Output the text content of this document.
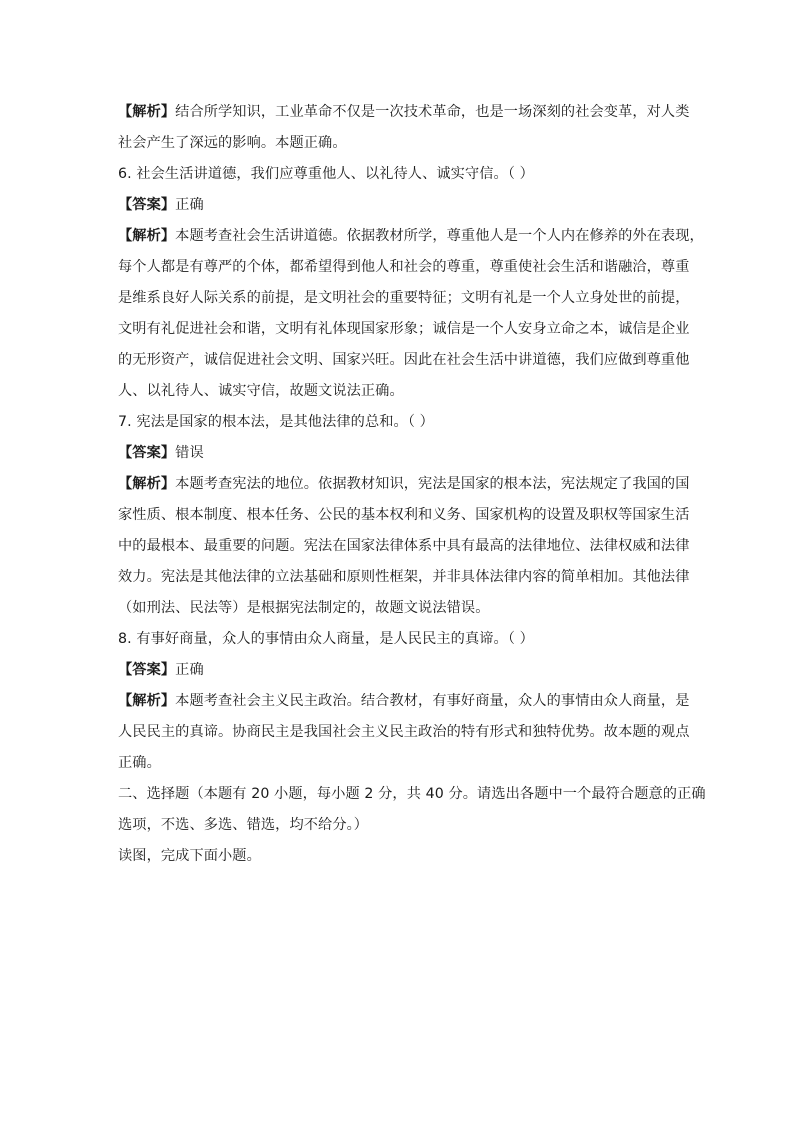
【解析】结合所学知识，工业革命不仅是一次技术革命，也是一场深刻的社会变革，对人类
社会产生了深远的影响。本题正确。
6. 社会生活讲道德，我们应尊重他人、以礼待人、诚实守信。（ ）
【答案】正确
【解析】本题考查社会生活讲道德。依据教材所学，尊重他人是一个人内在修养的外在表现，
每个人都是有尊严的个体，都希望得到他人和社会的尊重，尊重使社会生活和谐融洽，尊重
是维系良好人际关系的前提，是文明社会的重要特征；文明有礼是一个人立身处世的前提，
文明有礼促进社会和谐，文明有礼体现国家形象；诚信是一个人安身立命之本，诚信是企业
的无形资产，诚信促进社会文明、国家兴旺。因此在社会生活中讲道德，我们应做到尊重他
人、以礼待人、诚实守信，故题文说法正确。
7. 宪法是国家的根本法，是其他法律的总和。（ ）
【答案】错误
【解析】本题考查宪法的地位。依据教材知识，宪法是国家的根本法，宪法规定了我国的国
家性质、根本制度、根本任务、公民的基本权利和义务、国家机构的设置及职权等国家生活
中的最根本、最重要的问题。宪法在国家法律体系中具有最高的法律地位、法律权威和法律
效力。宪法是其他法律的立法基础和原则性框架，并非具体法律内容的简单相加。其他法律
（如刑法、民法等）是根据宪法制定的，故题文说法错误。
8. 有事好商量，众人的事情由众人商量，是人民民主的真谛。（ ）
【答案】正确
【解析】本题考查社会主义民主政治。结合教材，有事好商量，众人的事情由众人商量，是
人民民主的真谛。协商民主是我国社会主义民主政治的特有形式和独特优势。故本题的观点
正确。
二、选择题（本题有 20 小题，每小题 2 分，共 40 分。请选出各题中一个最符合题意的正确
选项，不选、多选、错选，均不给分。）
读图，完成下面小题。
